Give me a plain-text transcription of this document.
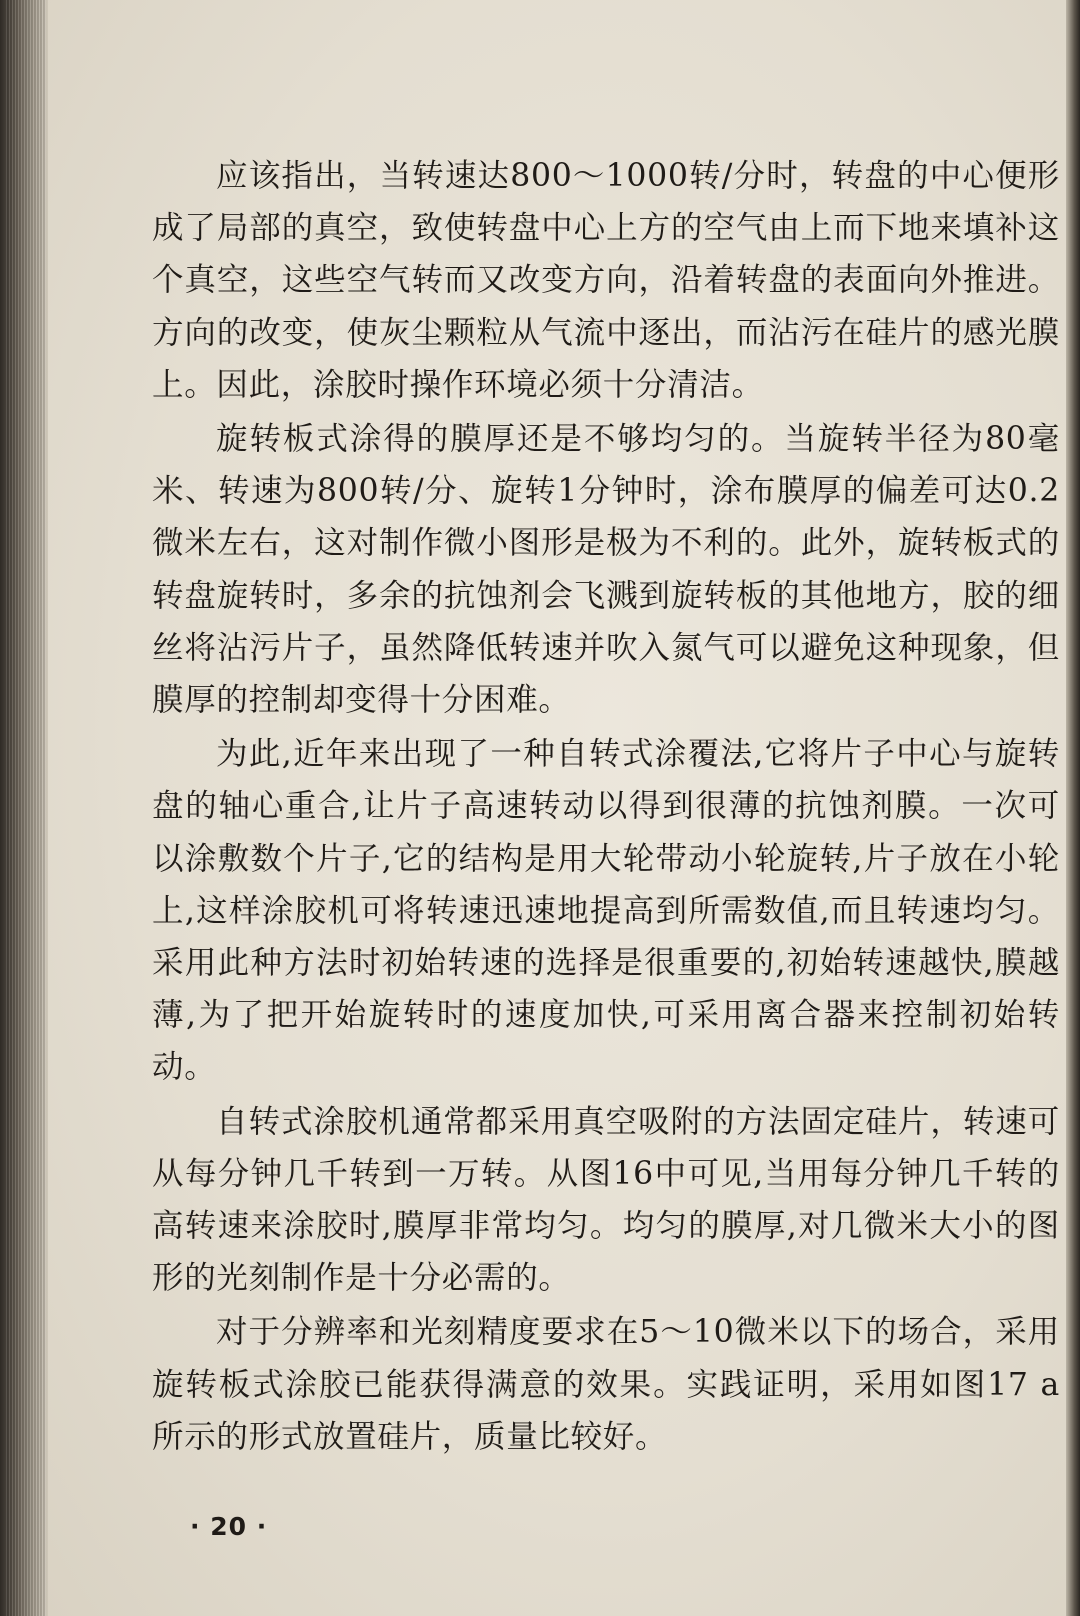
应该指出，当转速达800～1000转/分时，转盘的中心便形成了局部的真空，致使转盘中心上方的空气由上而下地来填补这个真空，这些空气转而又改变方向，沿着转盘的表面向外推进。方向的改变，使灰尘颗粒从气流中逐出，而沾污在硅片的感光膜上。因此，涂胶时操作环境必须十分清洁。

旋转板式涂得的膜厚还是不够均匀的。当旋转半径为80毫米、转速为800转/分、旋转1分钟时，涂布膜厚的偏差可达0.2微米左右，这对制作微小图形是极为不利的。此外，旋转板式的转盘旋转时，多余的抗蚀剂会飞溅到旋转板的其他地方，胶的细丝将沾污片子，虽然降低转速并吹入氮气可以避免这种现象，但膜厚的控制却变得十分困难。

为此,近年来出现了一种自转式涂覆法,它将片子中心与旋转盘的轴心重合,让片子高速转动以得到很薄的抗蚀剂膜。一次可以涂敷数个片子,它的结构是用大轮带动小轮旋转,片子放在小轮上,这样涂胶机可将转速迅速地提高到所需数值,而且转速均匀。采用此种方法时初始转速的选择是很重要的,初始转速越快,膜越薄,为了把开始旋转时的速度加快,可采用离合器来控制初始转动。

自转式涂胶机通常都采用真空吸附的方法固定硅片，转速可从每分钟几千转到一万转。从图16中可见,当用每分钟几千转的高转速来涂胶时,膜厚非常均匀。均匀的膜厚,对几微米大小的图形的光刻制作是十分必需的。

对于分辨率和光刻精度要求在5～10微米以下的场合，采用旋转板式涂胶已能获得满意的效果。实践证明，采用如图17 a所示的形式放置硅片，质量比较好。

· 20 ·
